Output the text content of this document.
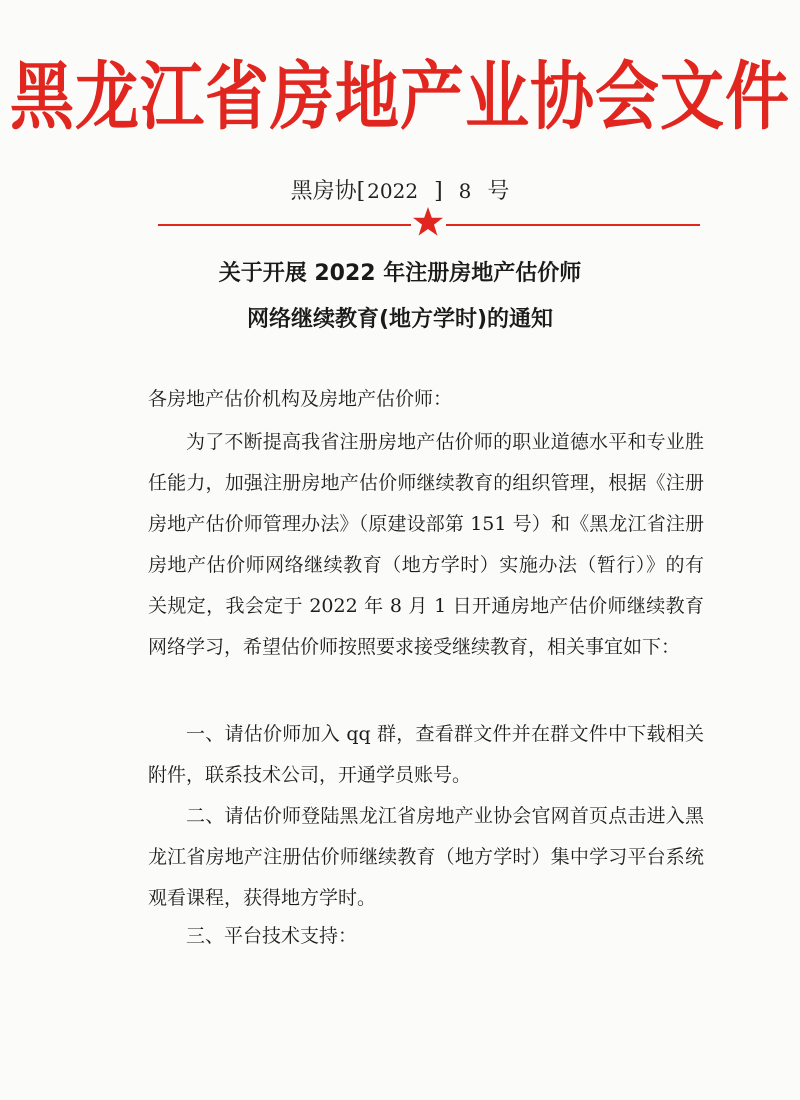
黑龙江省房地产业协会文件
黑房协[ 2022 ] 8 号
关于开展 2022 年注册房地产估价师
网络继续教育(地方学时)的通知
各房地产估价机构及房地产估价师：

为了不断提高我省注册房地产估价师的职业道德水平和专业胜任能力，加强注册房地产估价师继续教育的组织管理，根据《注册房地产估价师管理办法》（原建设部第 151 号）和《黑龙江省注册房地产估价师网络继续教育（地方学时）实施办法（暂行）》的有关规定，我会定于 2022 年 8 月 1 日开通房地产估价师继续教育网络学习，希望估价师按照要求接受继续教育，相关事宜如下：

一、请估价师加入 qq 群，查看群文件并在群文件中下载相关附件，联系技术公司，开通学员账号。

二、请估价师登陆黑龙江省房地产业协会官网首页点击进入黑龙江省房地产注册估价师继续教育（地方学时）集中学习平台系统观看课程，获得地方学时。

三、平台技术支持：
